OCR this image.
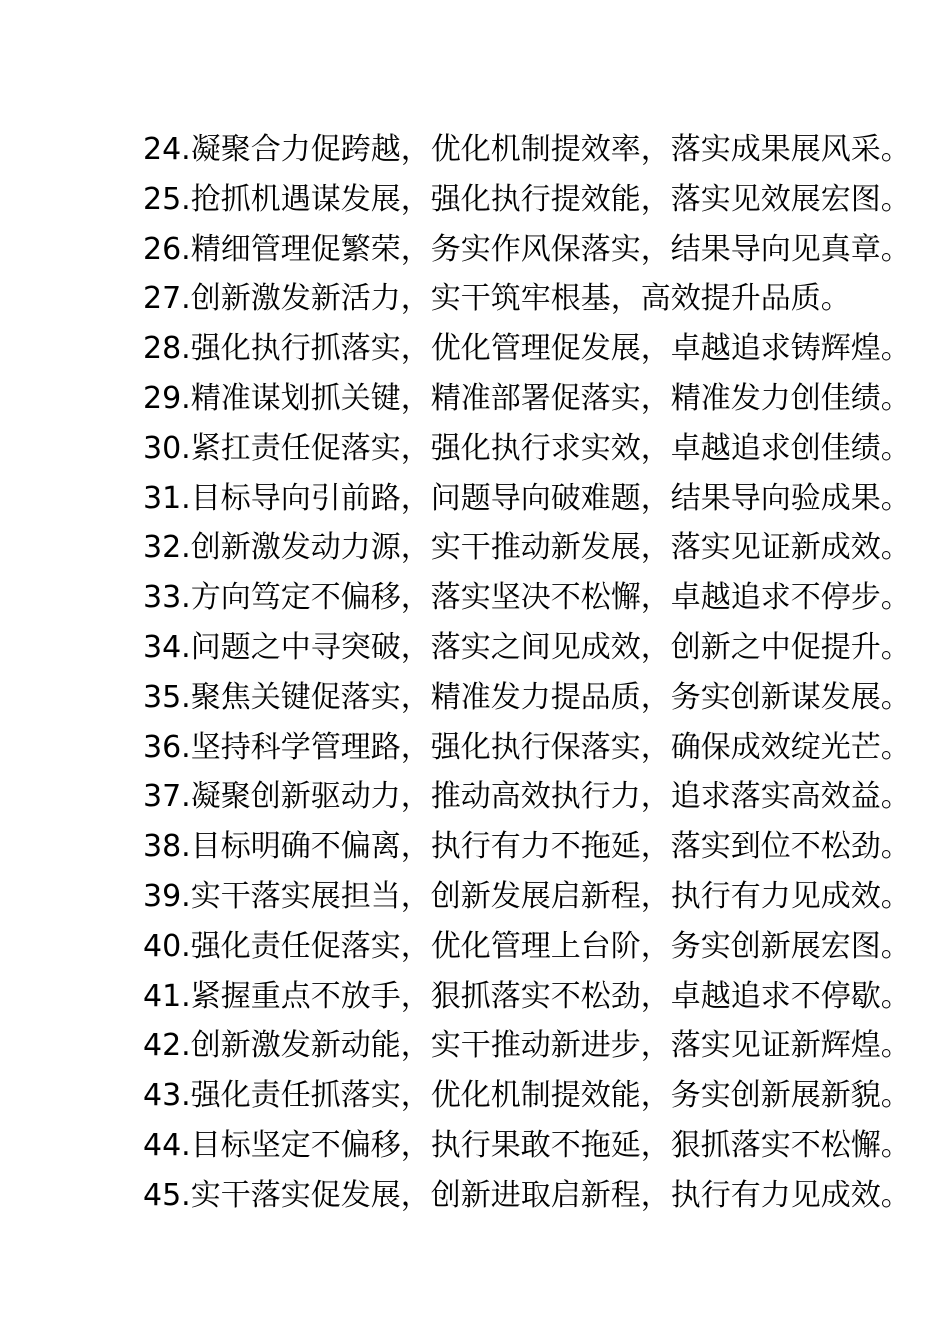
24.凝聚合力促跨越，优化机制提效率，落实成果展风采。

25.抢抓机遇谋发展，强化执行提效能，落实见效展宏图。

26.精细管理促繁荣，务实作风保落实，结果导向见真章。

27.创新激发新活力，实干筑牢根基，高效提升品质。

28.强化执行抓落实，优化管理促发展，卓越追求铸辉煌。

29.精准谋划抓关键，精准部署促落实，精准发力创佳绩。

30.紧扛责任促落实，强化执行求实效，卓越追求创佳绩。

31.目标导向引前路，问题导向破难题，结果导向验成果。

32.创新激发动力源，实干推动新发展，落实见证新成效。

33.方向笃定不偏移，落实坚决不松懈，卓越追求不停步。

34.问题之中寻突破，落实之间见成效，创新之中促提升。

35.聚焦关键促落实，精准发力提品质，务实创新谋发展。

36.坚持科学管理路，强化执行保落实，确保成效绽光芒。

37.凝聚创新驱动力，推动高效执行力，追求落实高效益。

38.目标明确不偏离，执行有力不拖延，落实到位不松劲。

39.实干落实展担当，创新发展启新程，执行有力见成效。

40.强化责任促落实，优化管理上台阶，务实创新展宏图。

41.紧握重点不放手，狠抓落实不松劲，卓越追求不停歇。

42.创新激发新动能，实干推动新进步，落实见证新辉煌。

43.强化责任抓落实，优化机制提效能，务实创新展新貌。

44.目标坚定不偏移，执行果敢不拖延，狠抓落实不松懈。

45.实干落实促发展，创新进取启新程，执行有力见成效。
